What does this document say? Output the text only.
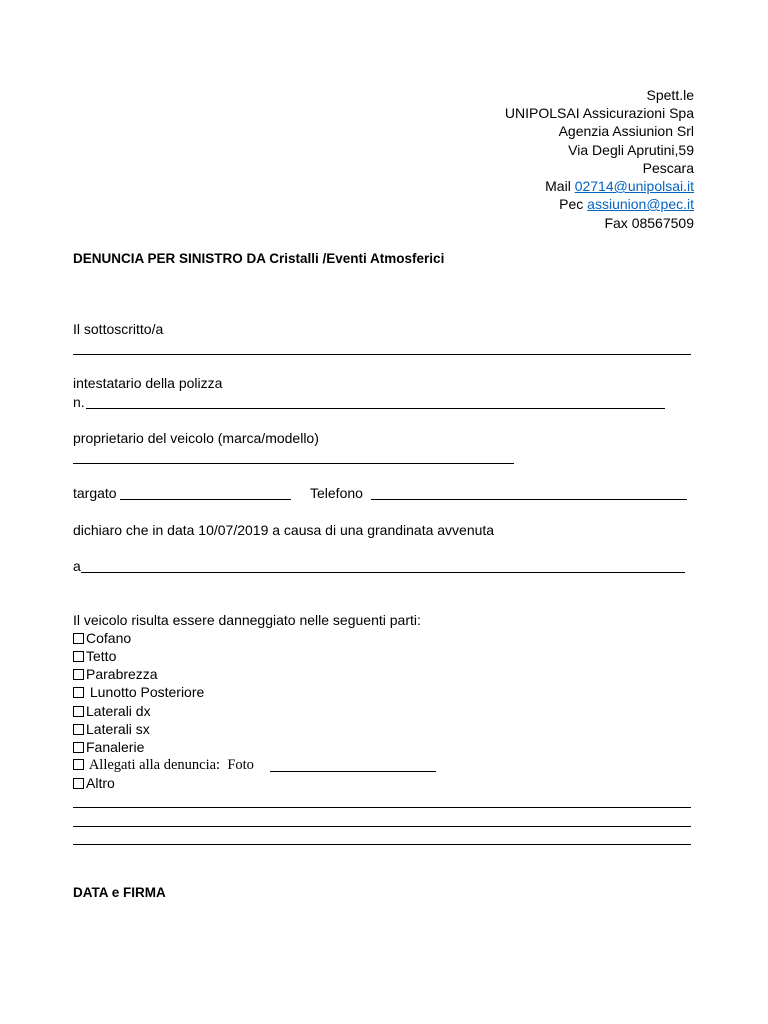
Spett.le
UNIPOLSAI Assicurazioni Spa
Agenzia Assiunion Srl
Via Degli Aprutini,59
Pescara
Mail 02714@unipolsai.it
Pec assiunion@pec.it
Fax 08567509
DENUNCIA PER SINISTRO DA Cristalli /Eventi Atmosferici
Il sottoscritto/a
intestatario della polizza
n.
proprietario del veicolo (marca/modello)
targato	Telefono
dichiaro che in data 10/07/2019 a causa di una grandinata avvenuta
a
Il veicolo risulta essere danneggiato nelle seguenti parti:
Cofano
Tetto
Parabrezza
Lunotto Posteriore
Laterali dx
Laterali sx
Fanalerie
Allegati alla denuncia:  Foto
Altro
DATA e FIRMA
